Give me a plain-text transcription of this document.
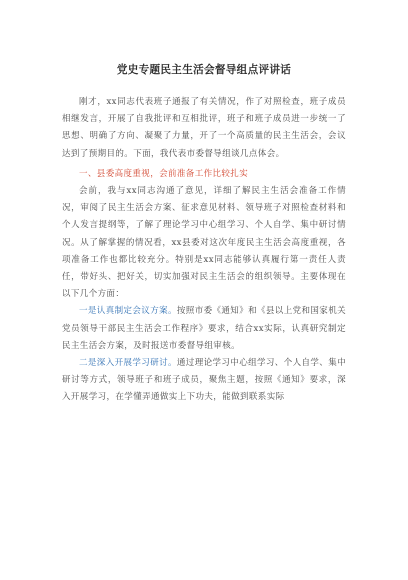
党史专题民主生活会督导组点评讲话

刚才，xx同志代表班子通报了有关情况，作了对照检查，班子成员相继发言，开展了自我批评和互相批评，班子和班子成员进一步统一了思想、明确了方向、凝聚了力量，开了一个高质量的民主生活会，会议达到了预期目的。下面，我代表市委督导组谈几点体会。

一、县委高度重视，会前准备工作比较扎实

会前，我与xx同志沟通了意见，详细了解民主生活会准备工作情况，审阅了民主生活会方案、征求意见材料、领导班子对照检查材料和个人发言提纲等，了解了理论学习中心组学习、个人自学、集中研讨情况。从了解掌握的情况看，xx县委对这次年度民主生活会高度重视，各项准备工作也都比较充分。特别是xx同志能够认真履行第一责任人责任，带好头、把好关，切实加强对民主生活会的组织领导。主要体现在以下几个方面：

一是认真制定会议方案。按照市委《通知》和《县以上党和国家机关党员领导干部民主生活会工作程序》要求，结合xx实际，认真研究制定民主生活会方案，及时报送市委督导组审核。

二是深入开展学习研讨。通过理论学习中心组学习、个人自学、集中研讨等方式，领导班子和班子成员，聚焦主题，按照《通知》要求，深入开展学习，在学懂弄通做实上下功夫，能做到联系实际
